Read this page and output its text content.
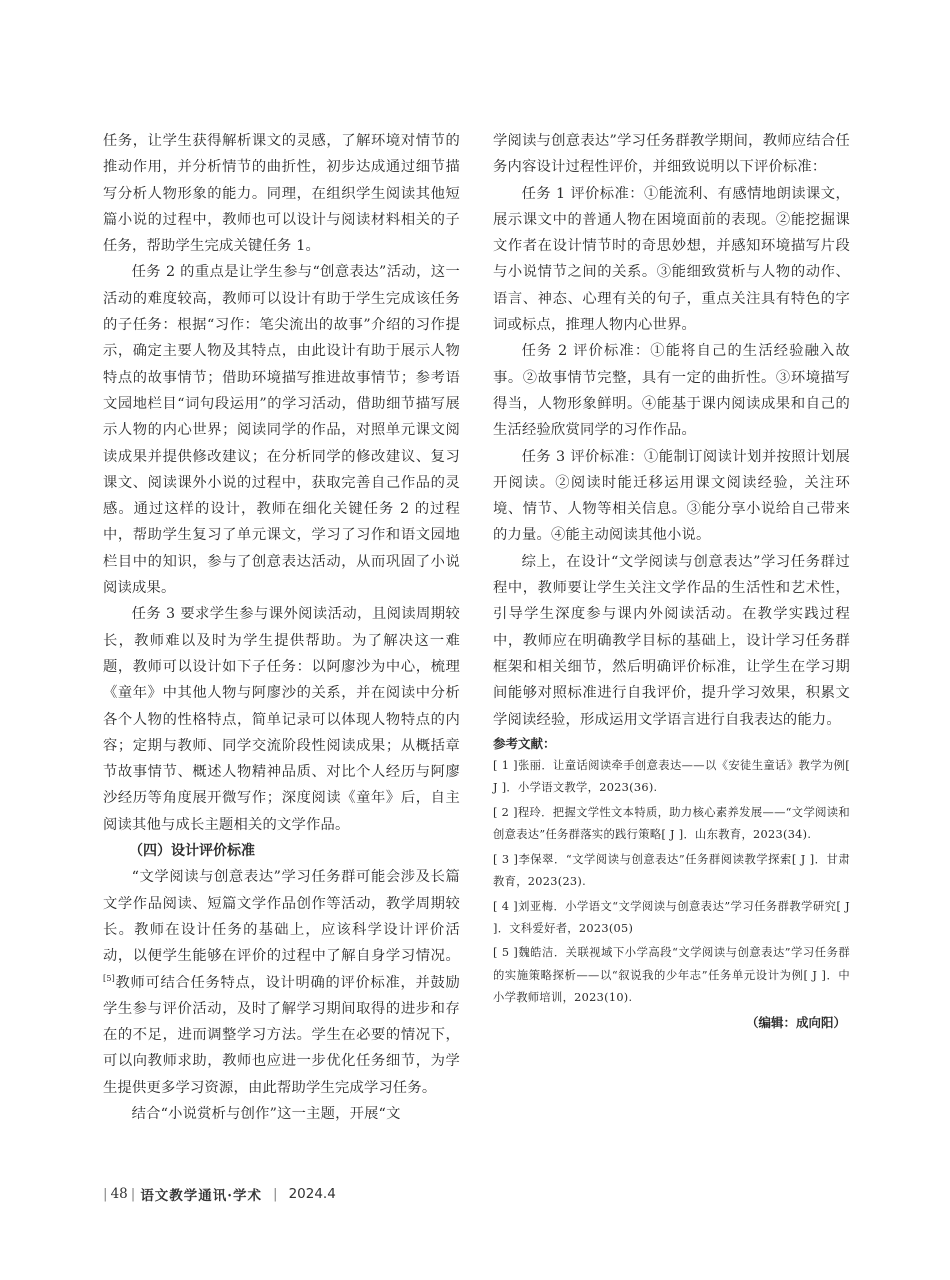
任务，让学生获得解析课文的灵感，了解环境对情节的推动作用，并分析情节的曲折性，初步达成通过细节描写分析人物形象的能力。同理，在组织学生阅读其他短篇小说的过程中，教师也可以设计与阅读材料相关的子任务，帮助学生完成关键任务 1。

任务 2 的重点是让学生参与“创意表达”活动，这一活动的难度较高，教师可以设计有助于学生完成该任务的子任务：根据“习作：笔尖流出的故事”介绍的习作提示，确定主要人物及其特点，由此设计有助于展示人物特点的故事情节；借助环境描写推进故事情节；参考语文园地栏目“词句段运用”的学习活动，借助细节描写展示人物的内心世界；阅读同学的作品，对照单元课文阅读成果并提供修改建议；在分析同学的修改建议、复习课文、阅读课外小说的过程中，获取完善自己作品的灵感。通过这样的设计，教师在细化关键任务 2 的过程中，帮助学生复习了单元课文，学习了习作和语文园地栏目中的知识，参与了创意表达活动，从而巩固了小说阅读成果。

任务 3 要求学生参与课外阅读活动，且阅读周期较长，教师难以及时为学生提供帮助。为了解决这一难题，教师可以设计如下子任务：以阿廖沙为中心，梳理《童年》中其他人物与阿廖沙的关系，并在阅读中分析各个人物的性格特点，简单记录可以体现人物特点的内容；定期与教师、同学交流阶段性阅读成果；从概括章节故事情节、概述人物精神品质、对比个人经历与阿廖沙经历等角度展开微写作；深度阅读《童年》后，自主阅读其他与成长主题相关的文学作品。

（四）设计评价标准

“文学阅读与创意表达”学习任务群可能会涉及长篇文学作品阅读、短篇文学作品创作等活动，教学周期较长。教师在设计任务的基础上，应该科学设计评价活动，以便学生能够在评价的过程中了解自身学习情况。[5]教师可结合任务特点，设计明确的评价标准，并鼓励学生参与评价活动，及时了解学习期间取得的进步和存在的不足，进而调整学习方法。学生在必要的情况下，可以向教师求助，教师也应进一步优化任务细节，为学生提供更多学习资源，由此帮助学生完成学习任务。

结合“小说赏析与创作”这一主题，开展“文

学阅读与创意表达”学习任务群教学期间，教师应结合任务内容设计过程性评价，并细致说明以下评价标准：

任务 1 评价标准：①能流利、有感情地朗读课文，展示课文中的普通人物在困境面前的表现。②能挖掘课文作者在设计情节时的奇思妙想，并感知环境描写片段与小说情节之间的关系。③能细致赏析与人物的动作、语言、神态、心理有关的句子，重点关注具有特色的字词或标点，推理人物内心世界。

任务 2 评价标准：①能将自己的生活经验融入故事。②故事情节完整，具有一定的曲折性。③环境描写得当，人物形象鲜明。④能基于课内阅读成果和自己的生活经验欣赏同学的习作作品。

任务 3 评价标准：①能制订阅读计划并按照计划展开阅读。②阅读时能迁移运用课文阅读经验，关注环境、情节、人物等相关信息。③能分享小说给自己带来的力量。④能主动阅读其他小说。

综上，在设计“文学阅读与创意表达”学习任务群过程中，教师要让学生关注文学作品的生活性和艺术性，引导学生深度参与课内外阅读活动。在教学实践过程中，教师应在明确教学目标的基础上，设计学习任务群框架和相关细节，然后明确评价标准，让学生在学习期间能够对照标准进行自我评价，提升学习效果，积累文学阅读经验，形成运用文学语言进行自我表达的能力。

参考文献：
[ 1 ]张丽．让童话阅读牵手创意表达——以《安徒生童话》教学为例[ J ]．小学语文教学，2023(36).
[ 2 ]程玲．把握文学性文本特质，助力核心素养发展——“文学阅读和创意表达”任务群落实的践行策略[ J ]．山东教育，2023(34).
[ 3 ]李保翠．“文学阅读与创意表达”任务群阅读教学探索[ J ]．甘肃教育，2023(23).
[ 4 ]刘亚梅．小学语文“文学阅读与创意表达”学习任务群教学研究[ J ]．文科爱好者，2023(05)
[ 5 ]魏皓洁．关联视域下小学高段“文学阅读与创意表达”学习任务群的实施策略探析——以“叙说我的少年志”任务单元设计为例[ J ]．中小学教师培训，2023(10).
（编辑：成向阳）
| 48 | 语文教学通讯·学术 | 2024.4
